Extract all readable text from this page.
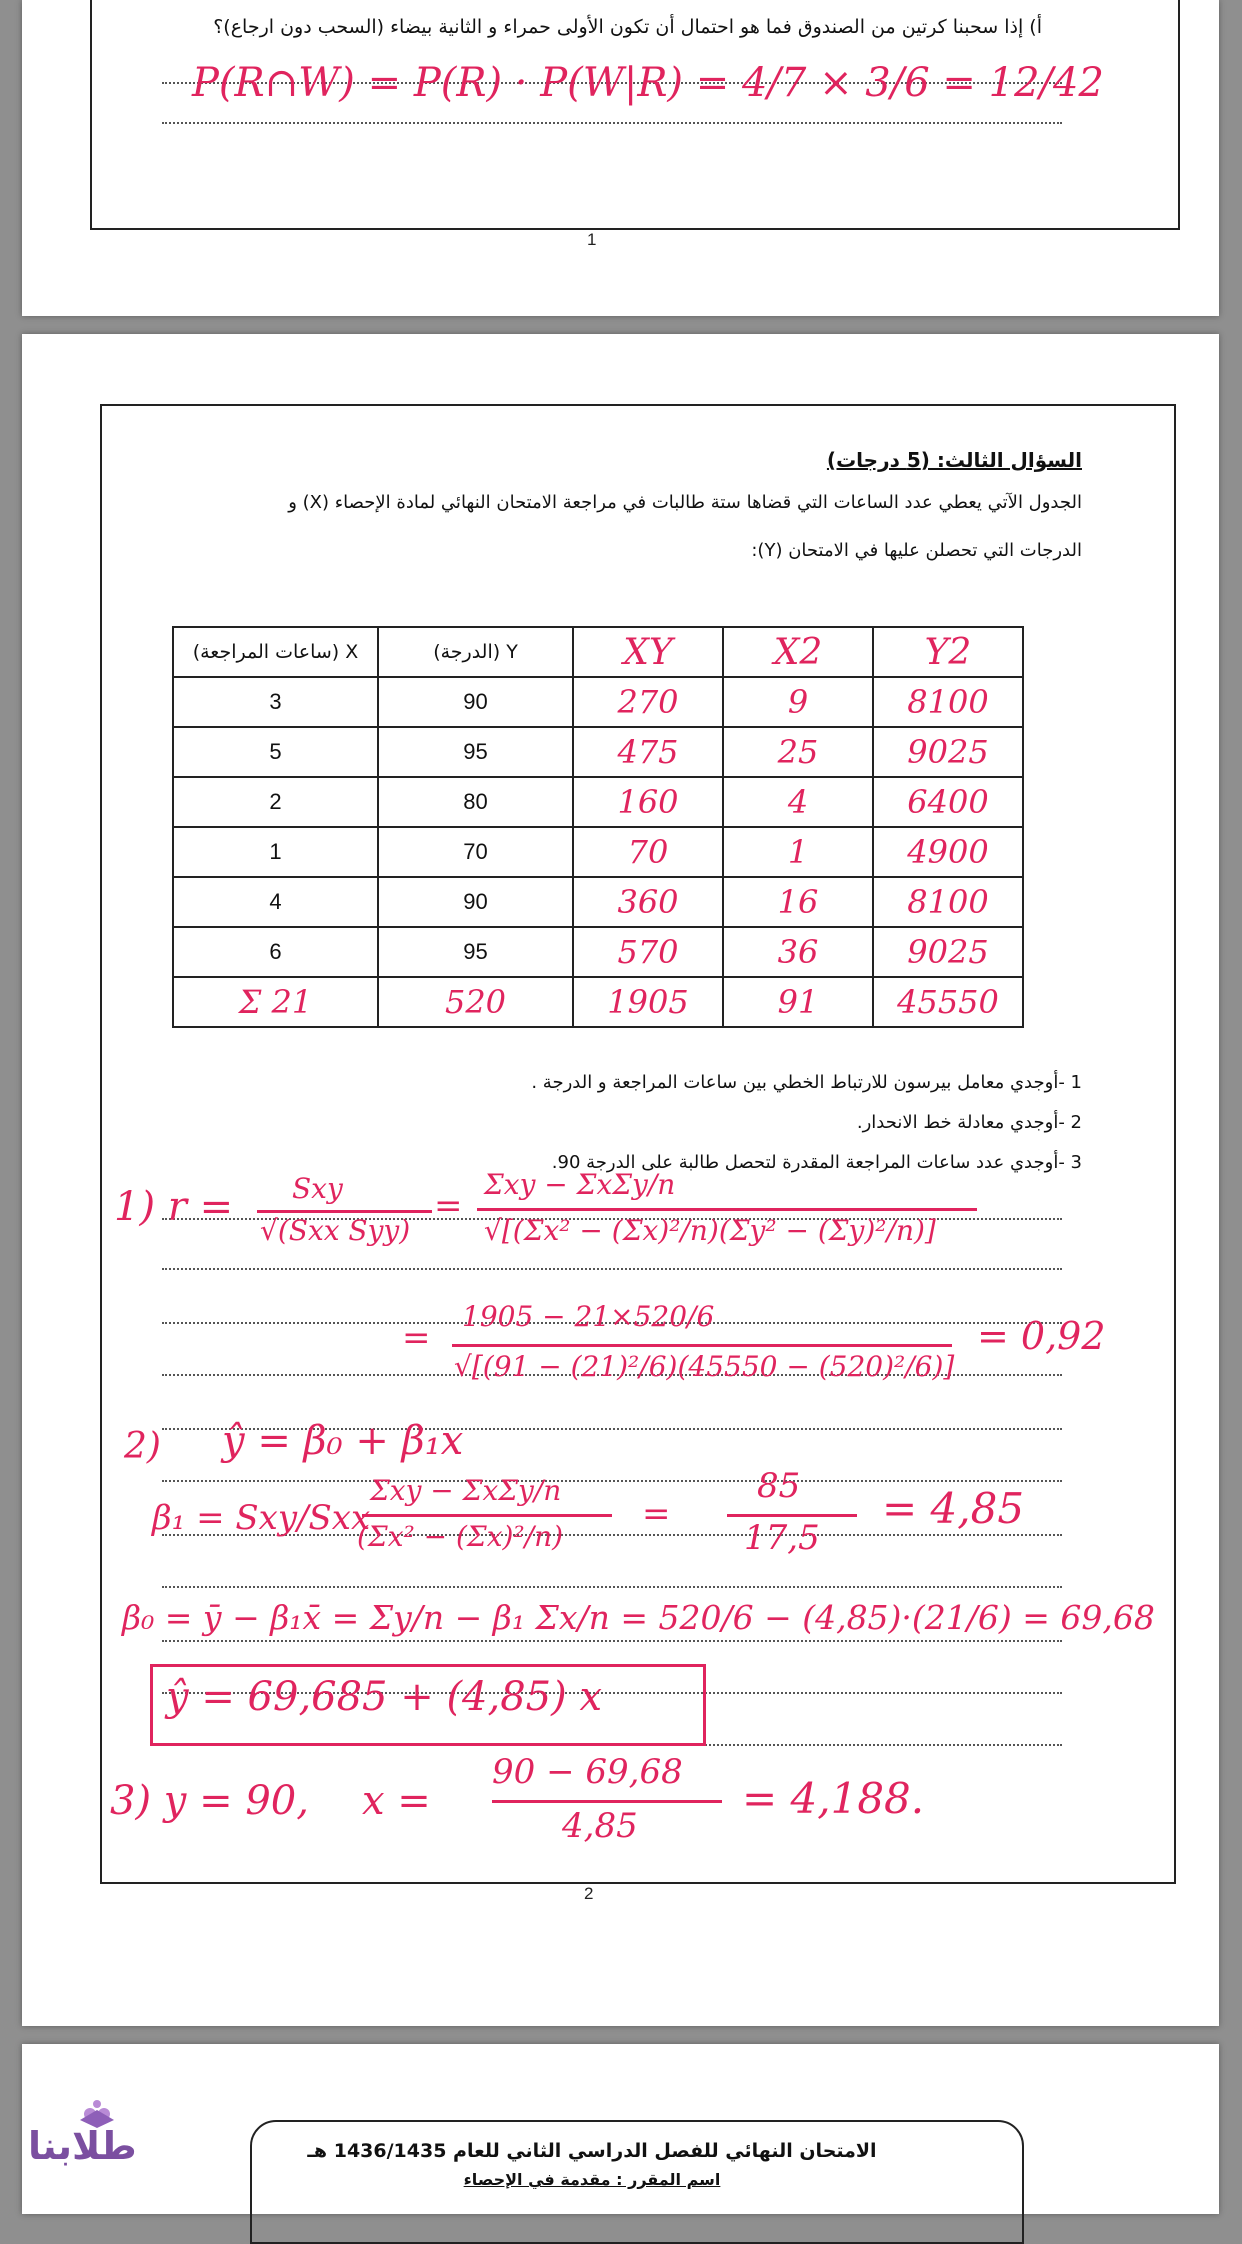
أ) إذا سحبنا كرتين من الصندوق فما هو احتمال أن تكون الأولى حمراء و الثانية بيضاء (السحب دون ارجاع)؟
P(R∩W) = P(R) · P(W|R) = 4/7 × 3/6 = 12/42
1
السؤال الثالث: (5 درجات)
الجدول الآتي يعطي عدد الساعات التي قضاها ستة طالبات في مراجعة الامتحان النهائي لمادة الإحصاء (X) و
الدرجات التي تحصلن عليها في الامتحان (Y):
X (ساعات المراجعة)	Y (الدرجة)	XY	X2	Y2
3	90	270	9	8100
5	95	475	25	9025
2	80	160	4	6400
1	70	70	1	4900
4	90	360	16	8100
6	95	570	36	9025
Σ 21	520	1905	91	45550
1 -أوجدي معامل بيرسون للارتباط الخطي بين ساعات المراجعة و الدرجة .
2 -أوجدي معادلة خط الانحدار.
3 -أوجدي عدد ساعات المراجعة المقدرة لتحصل طالبة على الدرجة 90.
1) r = Sxy
√(Sxx Syy)
=
Σxy − ΣxΣy/n
√[(Σx² − (Σx)²/n)(Σy² − (Σy)²/n)]
=
1905 − 21×520/6
√[(91 − (21)²/6)(45550 − (520)²/6)]
= 0,92
2) ŷ = β₀ + β₁x
β₁ = Sxy/Sxx
Σxy − ΣxΣy/n
(Σx² − (Σx)²/n)
=
85
17,5
= 4,85
β₀ = ȳ − β₁x̄ = Σy/n − β₁ Σx/n = 520/6 − (4,85)·(21/6) = 69,68
ŷ = 69,685 + (4,85) x
3) y = 90, x =
90 − 69,68
4,85
= 4,188.
2
الامتحان النهائي للفصل الدراسي الثاني للعام 1436/1435 هـ
اسم المقرر : مقدمة في الإحصاء
طلابنا
